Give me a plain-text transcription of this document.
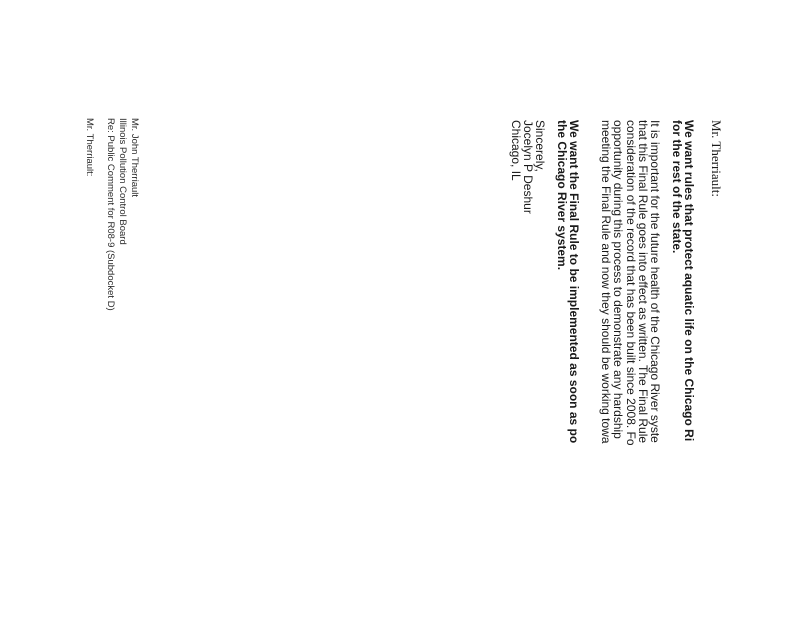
Mr. Therriault:
We want rules that protect aquatic life on the Chicago Ri
for the rest of the state.
It is important for the future health of the Chicago River syste
that this Final Rule goes into effect as written. The Final Rule
consideration of the record that has been built since 2008. Fo
opportunity during this process to demonstrate any hardship
meeting the Final Rule and now they should be working towa
We want the Final Rule to be implemented as soon as po
the Chicago River system.
Sincerely,
Jocelyn P Deshur
Chicago, IL
Mr. John Therriault
Illinois Pollution Control Board
Re: Public Comment for R08-9 (Subdocket D)
Mr. Therriault:
